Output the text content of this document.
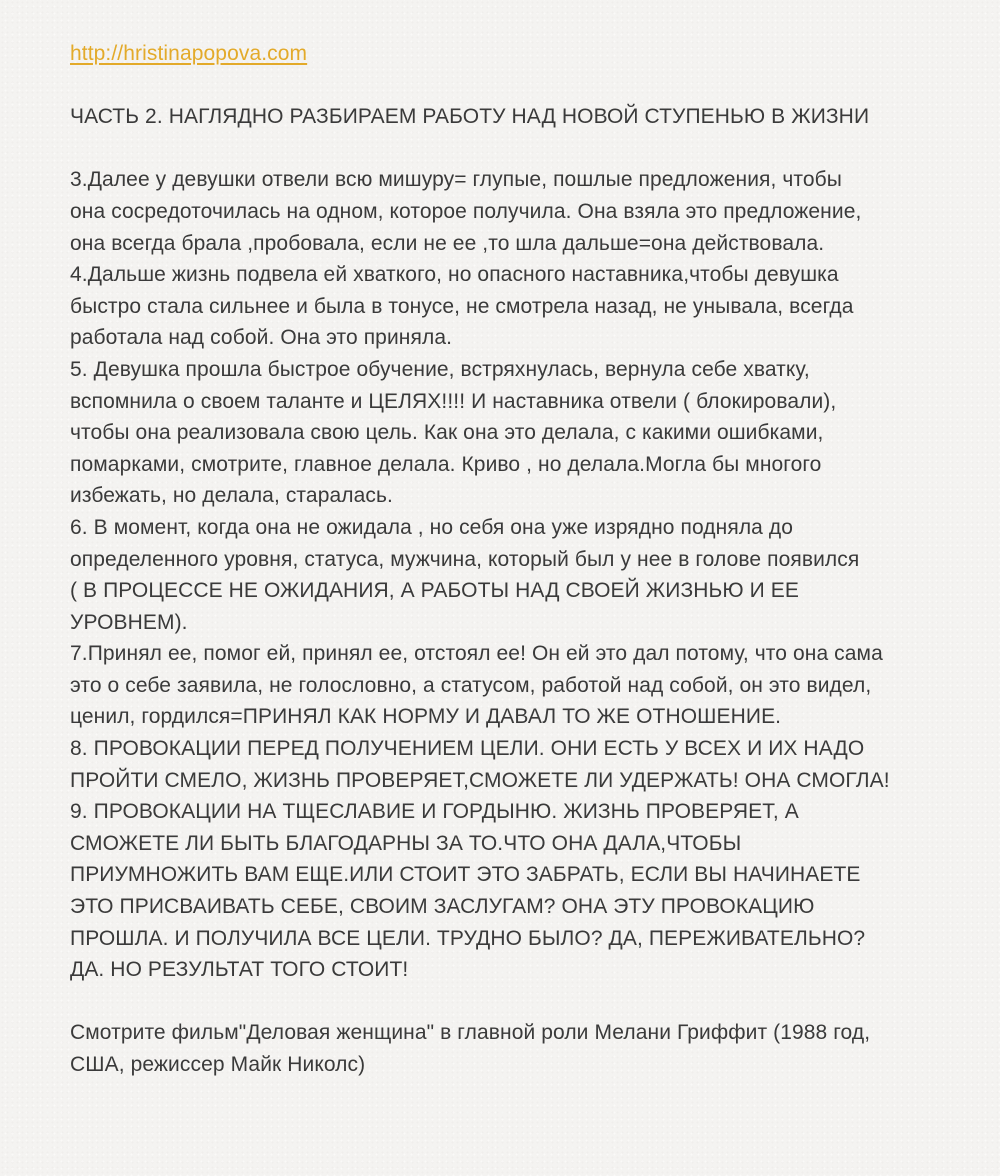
http://hristinapopova.com

ЧАСТЬ 2. НАГЛЯДНО РАЗБИРАЕМ РАБОТУ НАД НОВОЙ СТУПЕНЬЮ В ЖИЗНИ

3.Далее у девушки отвели всю мишуру= глупые, пошлые предложения, чтобы

она сосредоточилась на одном, которое получила. Она взяла это предложение,

она всегда брала ,пробовала, если не ее ,то шла дальше=она действовала.

4.Дальше жизнь подвела ей хваткого, но опасного наставника,чтобы девушка

быстро стала сильнее и была в тонусе, не смотрела назад, не унывала, всегда

работала над собой. Она это приняла.

5. Девушка прошла быстрое обучение, встряхнулась, вернула себе хватку,

вспомнила о своем таланте и ЦЕЛЯХ!!!! И наставника отвели ( блокировали),

чтобы она реализовала свою цель. Как она это делала, с какими ошибками,

помарками, смотрите, главное делала. Криво , но делала.Могла бы многого

избежать, но делала, старалась.

6. В момент, когда она не ожидала , но себя она уже изрядно подняла до

определенного уровня, статуса, мужчина, который был у нее в голове появился

( В ПРОЦЕССЕ НЕ ОЖИДАНИЯ, А РАБОТЫ НАД СВОЕЙ ЖИЗНЬЮ И ЕЕ

УРОВНЕМ).

7.Принял ее, помог ей, принял ее, отстоял ее! Он ей это дал потому, что она сама

это о себе заявила, не голословно, а статусом, работой над собой, он это видел,

ценил, гордился=ПРИНЯЛ КАК НОРМУ И ДАВАЛ ТО ЖЕ ОТНОШЕНИЕ.

8. ПРОВОКАЦИИ ПЕРЕД ПОЛУЧЕНИЕМ ЦЕЛИ. ОНИ ЕСТЬ У ВСЕХ И ИХ НАДО

ПРОЙТИ СМЕЛО, ЖИЗНЬ ПРОВЕРЯЕТ,СМОЖЕТЕ ЛИ УДЕРЖАТЬ! ОНА СМОГЛА!

9. ПРОВОКАЦИИ НА ТЩЕСЛАВИЕ И ГОРДЫНЮ. ЖИЗНЬ ПРОВЕРЯЕТ, А

СМОЖЕТЕ ЛИ БЫТЬ БЛАГОДАРНЫ ЗА ТО.ЧТО ОНА ДАЛА,ЧТОБЫ

ПРИУМНОЖИТЬ ВАМ ЕЩЕ.ИЛИ СТОИТ ЭТО ЗАБРАТЬ, ЕСЛИ ВЫ НАЧИНАЕТЕ

ЭТО ПРИСВАИВАТЬ СЕБЕ, СВОИМ ЗАСЛУГАМ? ОНА ЭТУ ПРОВОКАЦИЮ

ПРОШЛА. И ПОЛУЧИЛА ВСЕ ЦЕЛИ. ТРУДНО БЫЛО? ДА, ПЕРЕЖИВАТЕЛЬНО?

ДА. НО РЕЗУЛЬТАТ ТОГО СТОИТ!

Смотрите фильм"Деловая женщина" в главной роли Мелани Гриффит (1988 год,

США, режиссер Майк Николс)
